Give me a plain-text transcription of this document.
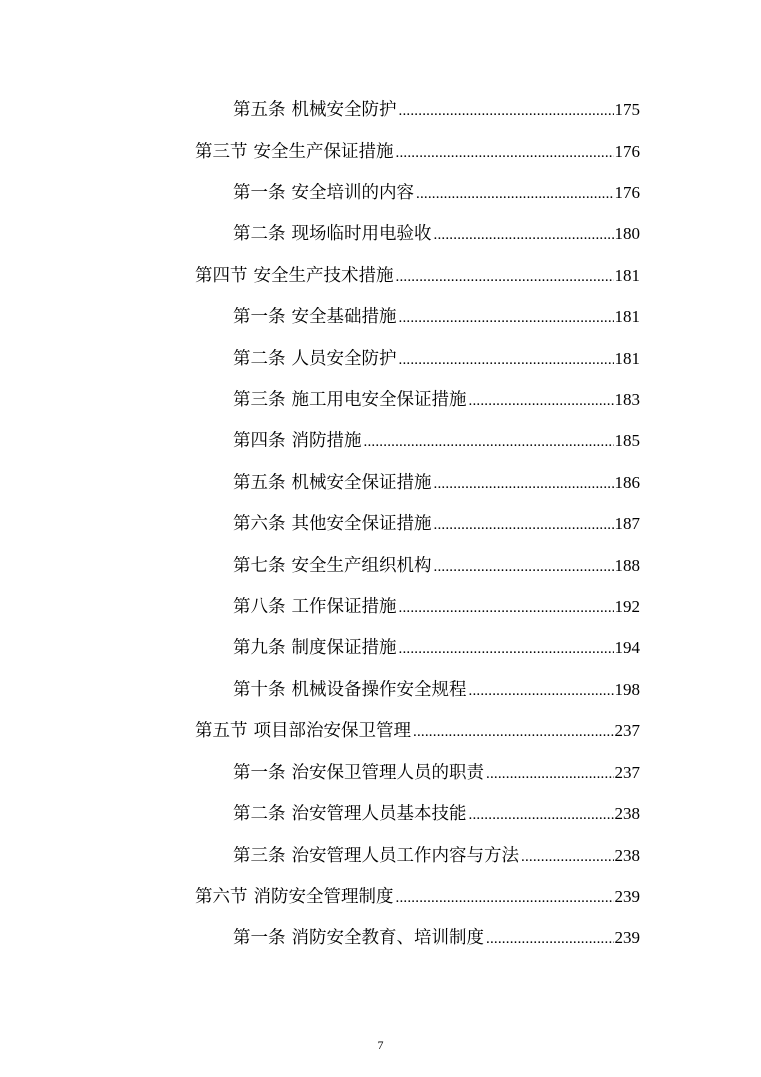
第五条 机械安全防护 .....	175
第三节 安全生产保证措施 .....	176
第一条 安全培训的内容 .....	176
第二条 现场临时用电验收 .....	180
第四节 安全生产技术措施 .....	181
第一条 安全基础措施 .....	181
第二条 人员安全防护 .....	181
第三条 施工用电安全保证措施 .....	183
第四条 消防措施 .....	185
第五条 机械安全保证措施 .....	186
第六条 其他安全保证措施 .....	187
第七条 安全生产组织机构 .....	188
第八条 工作保证措施 .....	192
第九条 制度保证措施 .....	194
第十条 机械设备操作安全规程 .....	198
第五节 项目部治安保卫管理 .....	237
第一条 治安保卫管理人员的职责 .....	237
第二条 治安管理人员基本技能 .....	238
第三条 治安管理人员工作内容与方法 .....	238
第六节 消防安全管理制度 .....	239
第一条 消防安全教育、培训制度 .....	239
7
